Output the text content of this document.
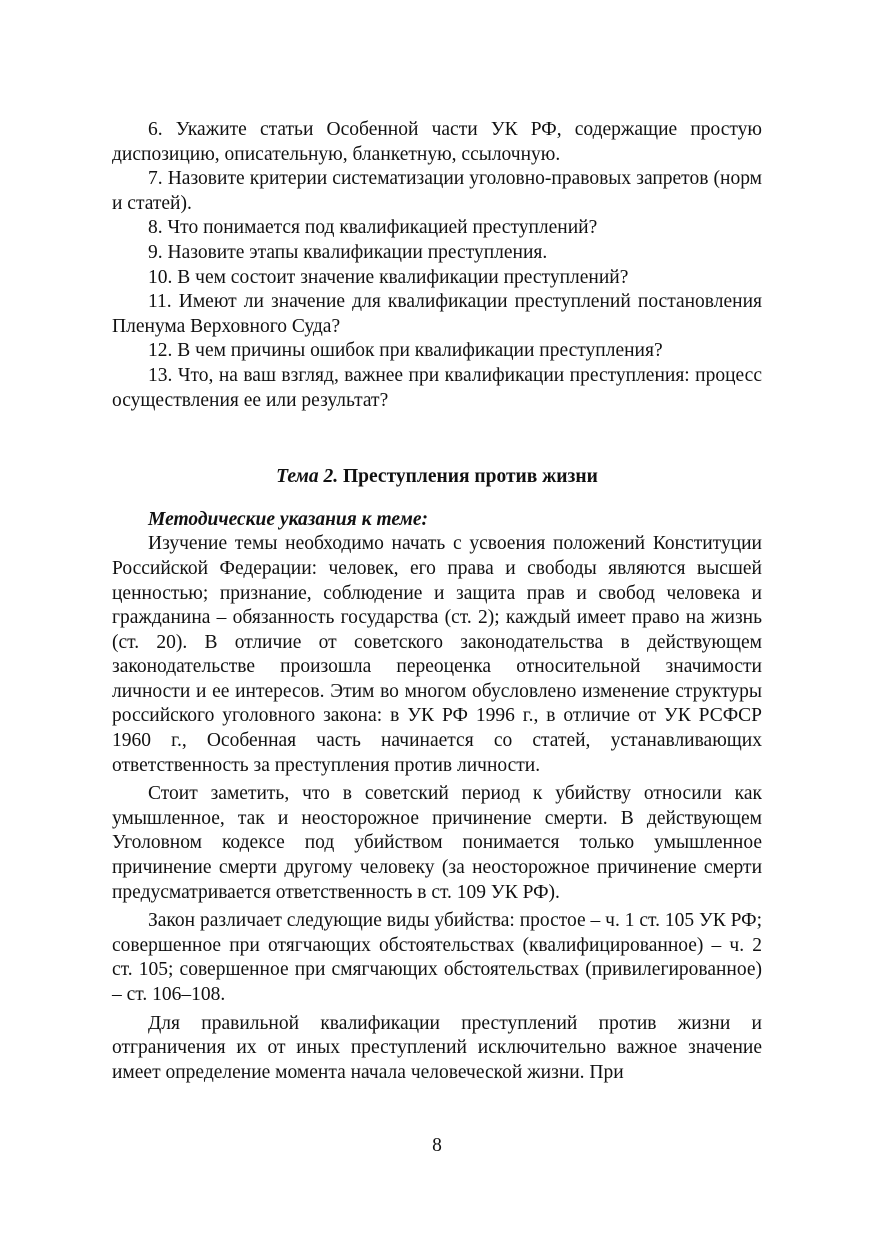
6. Укажите статьи Особенной части УК РФ, содержащие простую диспозицию, описательную, бланкетную, ссылочную.

7. Назовите критерии систематизации уголовно-правовых запретов (норм и статей).

8. Что понимается под квалификацией преступлений?

9. Назовите этапы квалификации преступления.

10. В чем состоит значение квалификации преступлений?

11. Имеют ли значение для квалификации преступлений постановления Пленума Верховного Суда?

12. В чем причины ошибок при квалификации преступления?

13. Что, на ваш взгляд, важнее при квалификации преступления: процесс осуществления ее или результат?

Тема 2. Преступления против жизни
Методические указания к теме:

Изучение темы необходимо начать с усвоения положений Конституции Российской Федерации: человек, его права и свободы являются высшей ценностью; признание, соблюдение и защита прав и свобод человека и гражданина – обязанность государства (ст. 2); каждый имеет право на жизнь (ст. 20). В отличие от советского законодательства в действующем законодательстве произошла переоценка относительной значимости личности и ее интересов. Этим во многом обусловлено изменение структуры российского уголовного закона: в УК РФ 1996 г., в отличие от УК РСФСР 1960 г., Особенная часть начинается со статей, устанавливающих ответственность за преступления против личности.

Стоит заметить, что в советский период к убийству относили как умышленное, так и неосторожное причинение смерти. В действующем Уголовном кодексе под убийством понимается только умышленное причинение смерти другому человеку (за неосторожное причинение смерти предусматривается ответственность в ст. 109 УК РФ).

Закон различает следующие виды убийства: простое – ч. 1 ст. 105 УК РФ; совершенное при отягчающих обстоятельствах (квалифицированное) – ч. 2 ст. 105; совершенное при смягчающих обстоятельствах (привилегированное) – ст. 106–108.

Для правильной квалификации преступлений против жизни и отграничения их от иных преступлений исключительно важное значение имеет определение момента начала человеческой жизни. При

8
